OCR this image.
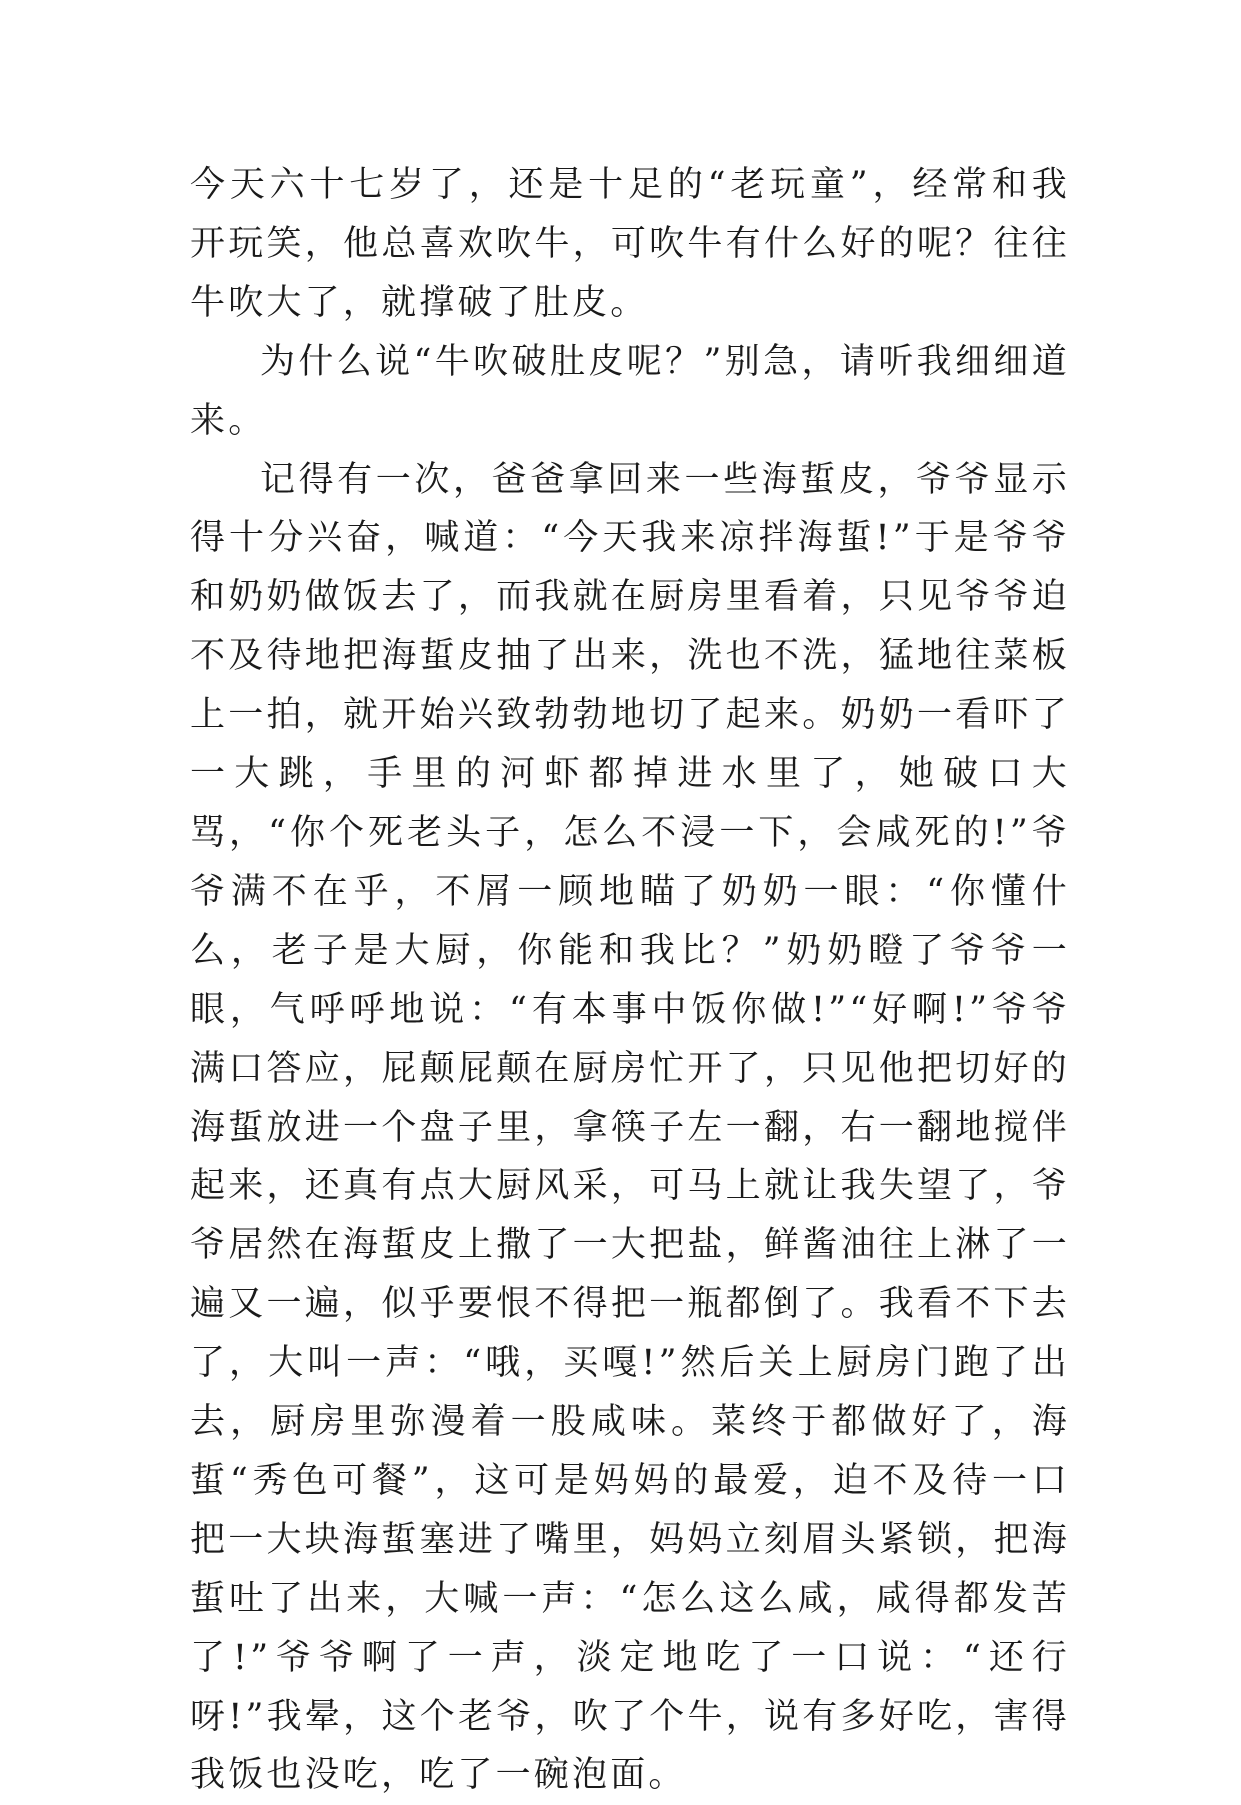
今天六十七岁了，还是十足的“老玩童”，经常和我开玩笑，他总喜欢吹牛，可吹牛有什么好的呢？往往牛吹大了，就撑破了肚皮。

为什么说“牛吹破肚皮呢？”别急，请听我细细道来。

记得有一次，爸爸拿回来一些海蜇皮，爷爷显示得十分兴奋，喊道：“今天我来凉拌海蜇!”于是爷爷和奶奶做饭去了，而我就在厨房里看着，只见爷爷迫不及待地把海蜇皮抽了出来，洗也不洗，猛地往菜板上一拍，就开始兴致勃勃地切了起来。奶奶一看吓了一大跳，手里的河虾都掉进水里了，她破口大骂，“你个死老头子，怎么不浸一下，会咸死的!”爷爷满不在乎，不屑一顾地瞄了奶奶一眼：“你懂什么，老子是大厨，你能和我比？”奶奶瞪了爷爷一眼，气呼呼地说：“有本事中饭你做!”“好啊!”爷爷满口答应，屁颠屁颠在厨房忙开了，只见他把切好的海蜇放进一个盘子里，拿筷子左一翻，右一翻地搅伴起来，还真有点大厨风采，可马上就让我失望了，爷爷居然在海蜇皮上撒了一大把盐，鲜酱油往上淋了一遍又一遍，似乎要恨不得把一瓶都倒了。我看不下去了，大叫一声：“哦，买嘎!”然后关上厨房门跑了出去，厨房里弥漫着一股咸味。菜终于都做好了，海蜇“秀色可餐”，这可是妈妈的最爱，迫不及待一口把一大块海蜇塞进了嘴里，妈妈立刻眉头紧锁，把海蜇吐了出来，大喊一声：“怎么这么咸，咸得都发苦了!”爷爷啊了一声，淡定地吃了一口说：“还行呀!”我晕，这个老爷，吹了个牛，说有多好吃，害得我饭也没吃，吃了一碗泡面。
